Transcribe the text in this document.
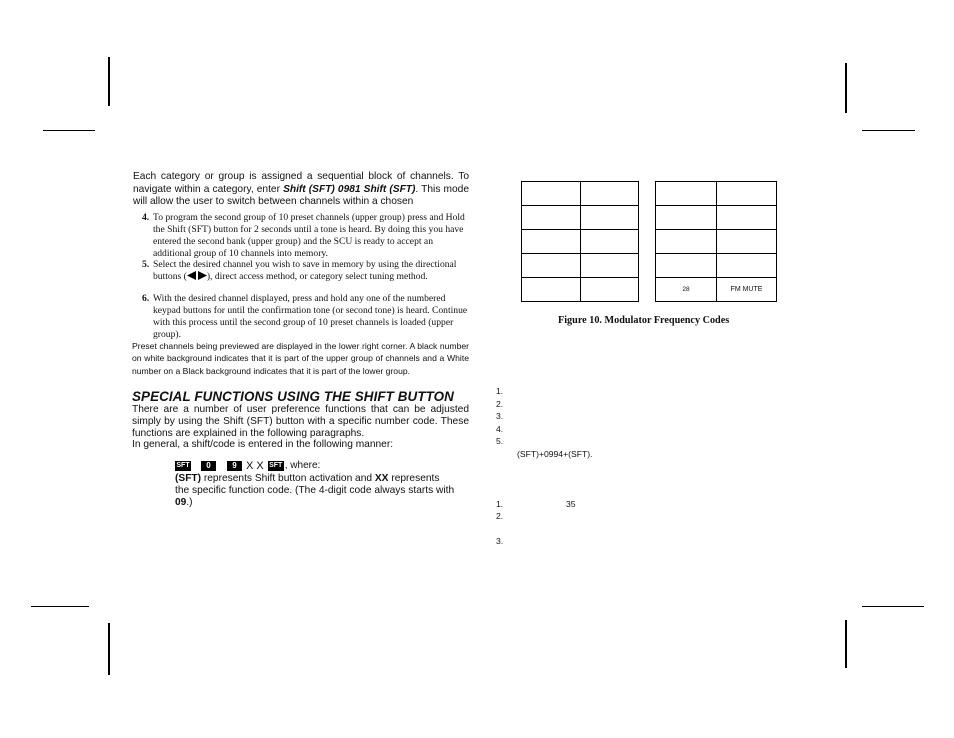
Each category or group is assigned a sequential block of channels. To navigate within a category, enter Shift (SFT) 0981 Shift (SFT). This mode will allow the user to switch between channels within a chosen
4. To program the second group of 10 preset channels (upper group) press and Hold the Shift (SFT) button for 2 seconds until a tone is heard. By doing this you have entered the second bank (upper group) and the SCU is ready to accept an additional group of 10 channels into memory.
5. Select the desired channel you wish to save in memory by using the directional buttons ( ), direct access method, or category select tuning method.
6. With the desired channel displayed, press and hold any one of the numbered keypad buttons for until the confirmation tone (or second tone) is heard. Continue with this process until the second group of 10 preset channels is loaded (upper group).
Preset channels being previewed are displayed in the lower right corner. A black number on white background indicates that it is part of the upper group of channels and a White number on a Black background indicates that it is part of the lower group.
SPECIAL FUNCTIONS USING THE SHIFT BUTTON
There are a number of user preference functions that can be adjusted simply by using the Shift (SFT) button with a specific number code. These functions are explained in the following paragraphs.
In general, a shift/code is entered in the following manner:
SFT	0	9 X X SFT , where:
(SFT) represents Shift button activation and XX represents the specific function code. (The 4-digit code always starts with 09.)

28	FM MUTE
Figure 10. Modulator Frequency Codes
1.
2.
3.
4.
5.
(SFT)+0994+(SFT).
1.	35
2.
3.
